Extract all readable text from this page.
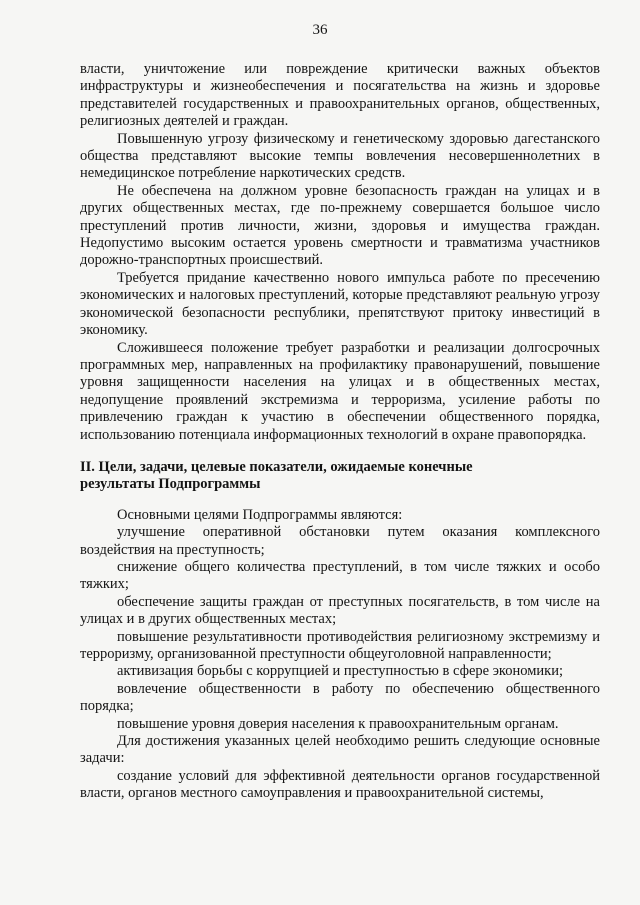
36

власти, уничтожение или повреждение критически важных объектов инфраструктуры и жизнеобеспечения и посягательства на жизнь и здоровье представителей государственных и правоохранительных органов, общественных, религиозных деятелей и граждан.

Повышенную угрозу физическому и генетическому здоровью дагестанского общества представляют высокие темпы вовлечения несовершеннолетних в немедицинское потребление наркотических средств.

Не обеспечена на должном уровне безопасность граждан на улицах и в других общественных местах, где по-прежнему совершается большое число преступлений против личности, жизни, здоровья и имущества граждан. Недопустимо высоким остается уровень смертности и травматизма участников дорожно-транспортных происшествий.

Требуется придание качественно нового импульса работе по пресечению экономических и налоговых преступлений, которые представляют реальную угрозу экономической безопасности республики, препятствуют притоку инвестиций в экономику.

Сложившееся положение требует разработки и реализации долгосрочных программных мер, направленных на профилактику правонарушений, повышение уровня защищенности населения на улицах и в общественных местах, недопущение проявлений экстремизма и терроризма, усиление работы по привлечению граждан к участию в обеспечении общественного порядка, использованию потенциала информационных технологий в охране правопорядка.

II. Цели, задачи, целевые показатели, ожидаемые конечные

результаты Подпрограммы

Основными целями Подпрограммы являются:

улучшение оперативной обстановки путем оказания комплексного воздействия на преступность;

снижение общего количества преступлений, в том числе тяжких и особо тяжких;

обеспечение защиты граждан от преступных посягательств, в том числе на улицах и в других общественных местах;

повышение результативности противодействия религиозному экстремизму и терроризму, организованной преступности общеуголовной направленности;

активизация борьбы с коррупцией и преступностью в сфере экономики;

вовлечение общественности в работу по обеспечению общественного порядка;

повышение уровня доверия населения к правоохранительным органам.

Для достижения указанных целей необходимо решить следующие основные задачи:

создание условий для эффективной деятельности органов государственной власти, органов местного самоуправления и правоохранительной системы,
